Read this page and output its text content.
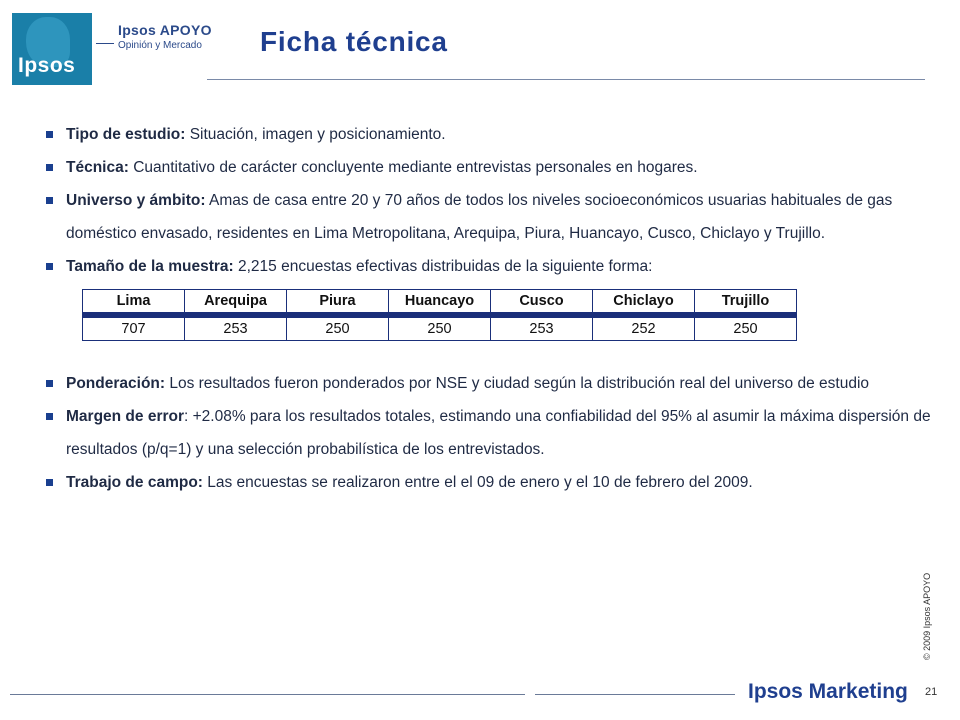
Ipsos
Ipsos APOYO
Opinión y Mercado Ficha técnica
Tipo de estudio: Situación, imagen y posicionamiento.
Técnica: Cuantitativo de carácter concluyente mediante entrevistas personales en hogares.
Universo y ámbito: Amas de casa entre 20 y 70 años de todos los niveles socioeconómicos usuarias habituales de gas doméstico envasado, residentes en Lima Metropolitana, Arequipa, Piura, Huancayo, Cusco, Chiclayo y Trujillo.
Tamaño de la muestra: 2,215 encuestas efectivas distribuidas de la siguiente forma:
Lima	Arequipa	Piura	Huancayo	Cusco	Chiclayo	Trujillo
707	253	250	250	253	252	250
Ponderación: Los resultados fueron ponderados por NSE y ciudad según la distribución real del universo de estudio
Margen de error: +2.08% para los resultados totales, estimando una confiabilidad del 95% al asumir la máxima dispersión de resultados (p/q=1) y una selección probabilística de los entrevistados.
Trabajo de campo: Las encuestas se realizaron entre el el 09 de enero y el 10 de febrero del 2009.
© 2009 Ipsos APOYO
21
Ipsos Marketing
